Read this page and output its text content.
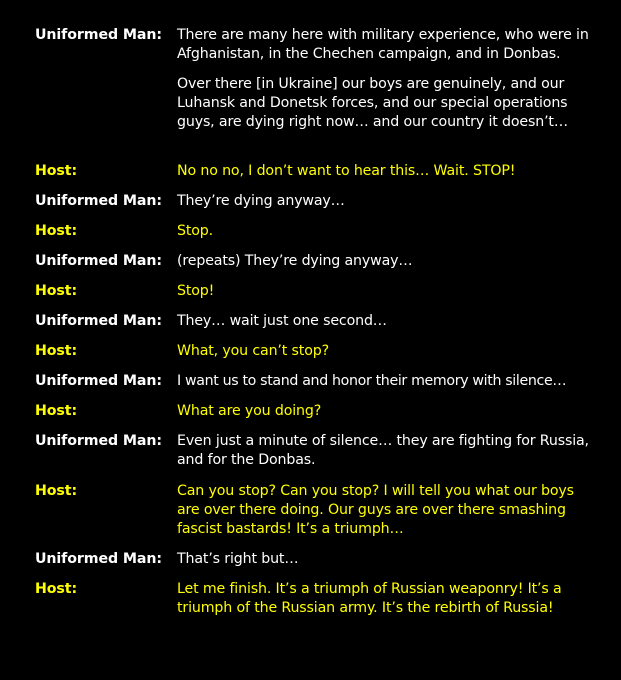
Uniformed Man:	There are many here with military experience, who were in Afghanistan, in the Chechen campaign, and in Donbas.

Over there [in Ukraine] our boys are genuinely, and our Luhansk and Donetsk forces, and our special operations guys, are dying right now… and our country it doesn’t…

Host:	No no no, I don’t want to hear this… Wait. STOP!

Uniformed Man:	They’re dying anyway…

Host:	Stop.

Uniformed Man:	(repeats) They’re dying anyway…

Host:	Stop!

Uniformed Man:	They… wait just one second…

Host:	What, you can’t stop?

Uniformed Man:	I want us to stand and honor their memory with silence…

Host:	What are you doing?

Uniformed Man:	Even just a minute of silence… they are fighting for Russia, and for the Donbas.

Host:	Can you stop? Can you stop? I will tell you what our boys are over there doing. Our guys are over there smashing fascist bastards! It’s a triumph…

Uniformed Man:	That’s right but…

Host:	Let me finish. It’s a triumph of Russian weaponry! It’s a triumph of the Russian army. It’s the rebirth of Russia!
